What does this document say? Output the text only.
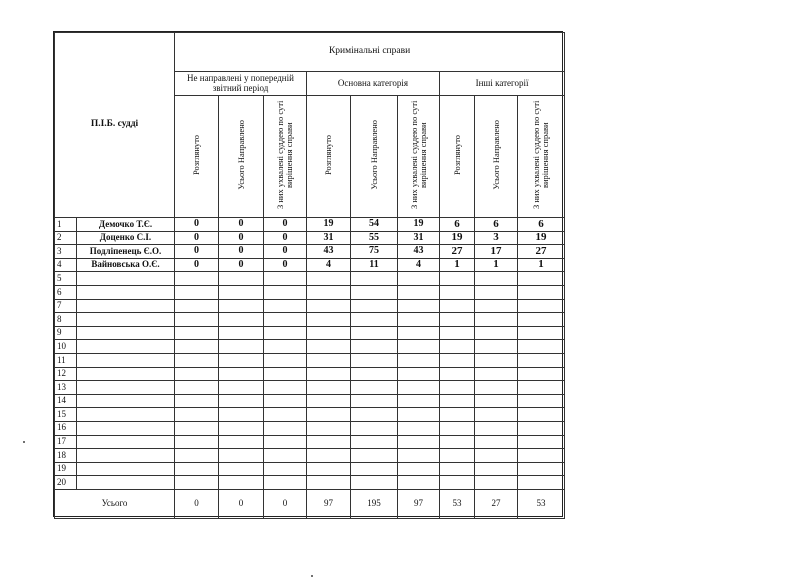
П.І.Б. судді		Кримінальні справи								
		Не направлені у попередній звітний період			Основна категорія			Інші категорії		
		Розглянуто	Усього Направлено	З них ухвалені суддею по суті вирішення справи	Розглянуто	Усього Направлено	З них ухвалені суддею по суті вирішення справи	Розглянуто	Усього Направлено	З них ухвалені суддею по суті вирішення справи
1	Демочко Т.Є.	0	0	0	19	54	19	6	6	6
2	Доценко С.І.	0	0	0	31	55	31	19	3	19
3	Подліпенець Є.О.	0	0	0	43	75	43	27	17	27
4	Вайновська О.Є.	0	0	0	4	11	4	1	1	1
5										
6										
7										
8										
9										
10										
11										
12										
13										
14										
15										
16										
17										
18										
19										
20										
Усього		0	0	0	97	195	97	53	27	53
